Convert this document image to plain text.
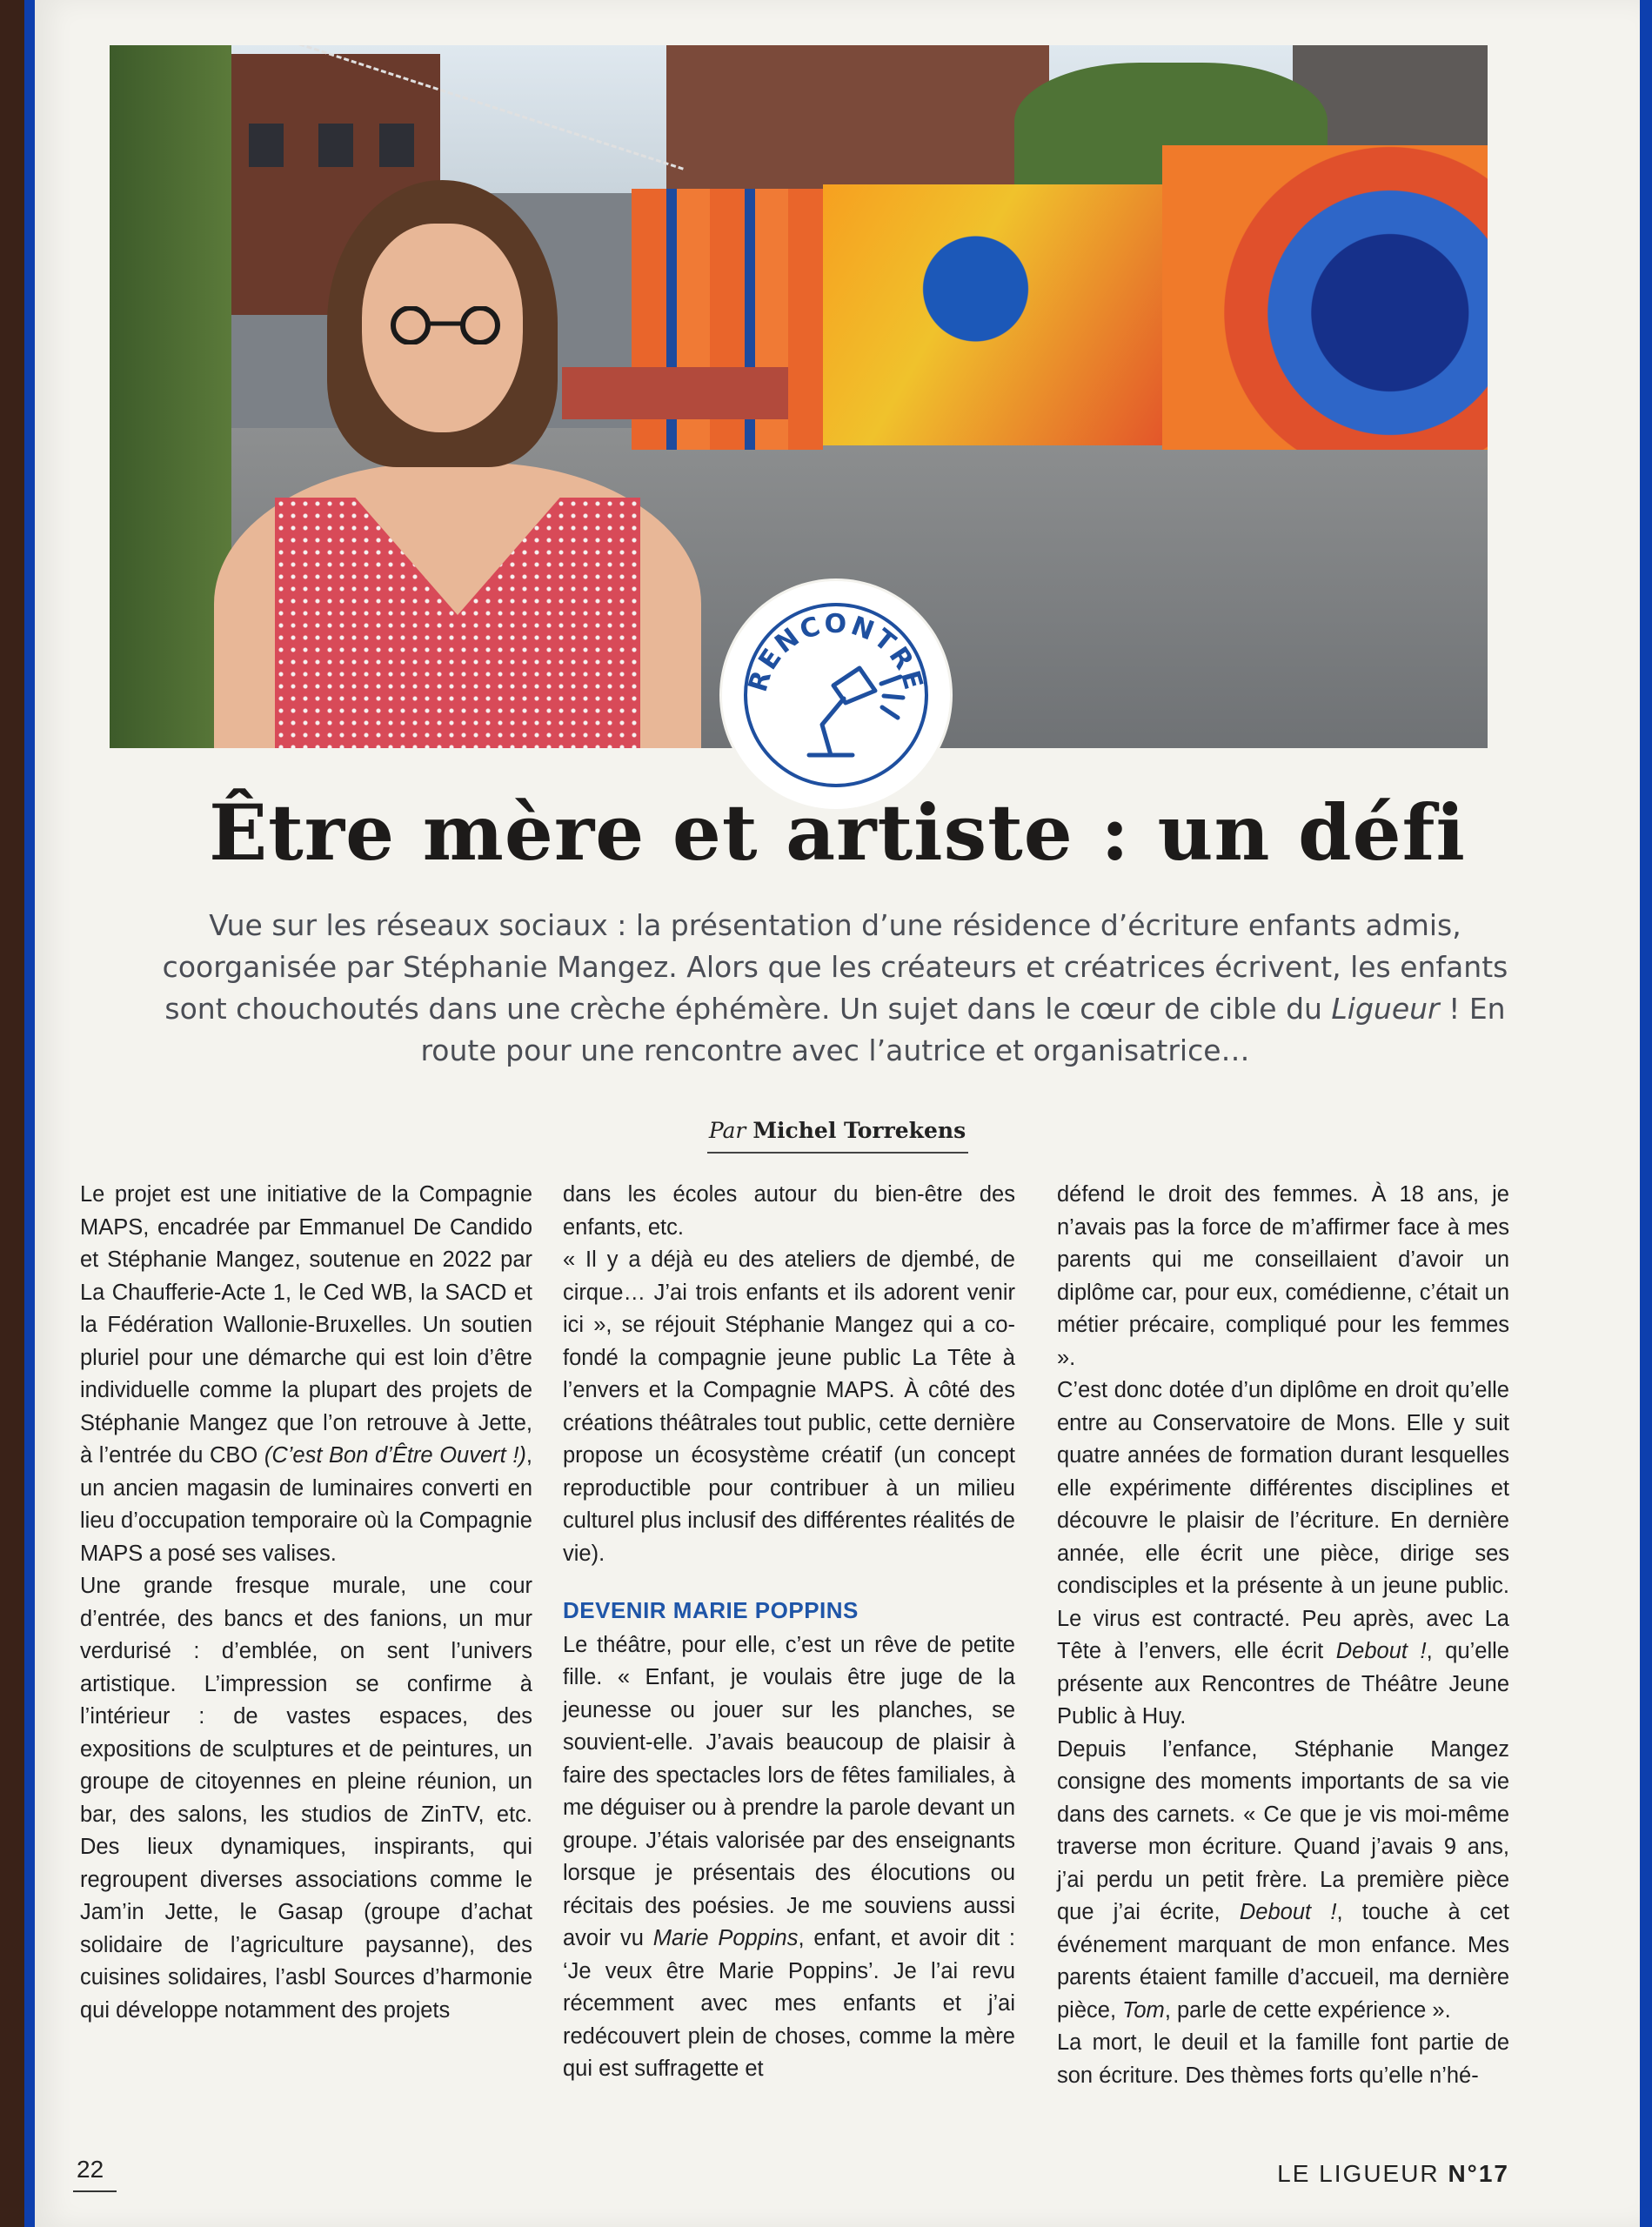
RENCONTRE
Être mère et artiste : un défi

Vue sur les réseaux sociaux : la présentation d’une résidence d’écriture enfants admis, coorganisée par Stéphanie Mangez. Alors que les créateurs et créatrices écrivent, les enfants sont chouchoutés dans une crèche éphémère. Un sujet dans le cœur de cible du Ligueur ! En route pour une rencontre avec l’autrice et organisatrice…

Par Michel Torrekens

Le projet est une initiative de la Compagnie MAPS, encadrée par Emmanuel De Candido et Stéphanie Mangez, soutenue en 2022 par La Chaufferie-Acte 1, le Ced WB, la SACD et la Fédération Wallonie-Bruxelles. Un soutien pluriel pour une démarche qui est loin d’être individuelle comme la plupart des projets de Stéphanie Mangez que l’on retrouve à Jette, à l’entrée du CBO (C’est Bon d’Être Ouvert !), un ancien magasin de luminaires converti en lieu d’occupation temporaire où la Compagnie MAPS a posé ses valises.

Une grande fresque murale, une cour d’entrée, des bancs et des fanions, un mur verdurisé : d’emblée, on sent l’univers artistique. L’impression se confirme à l’intérieur : de vastes espaces, des expositions de sculptures et de peintures, un groupe de citoyennes en pleine réunion, un bar, des salons, les studios de ZinTV, etc. Des lieux dynamiques, inspirants, qui regroupent diverses associations comme le Jam’in Jette, le Gasap (groupe d’achat solidaire de l’agriculture paysanne), des cuisines solidaires, l’asbl Sources d’harmonie qui développe notamment des projets

dans les écoles autour du bien-être des enfants, etc.

« Il y a déjà eu des ateliers de djembé, de cirque… J’ai trois enfants et ils adorent venir ici », se réjouit Stéphanie Mangez qui a co-fondé la compagnie jeune public La Tête à l’envers et la Compagnie MAPS. À côté des créations théâtrales tout public, cette dernière propose un écosystème créatif (un concept reproductible pour contribuer à un milieu culturel plus inclusif des différentes réalités de vie).

DEVENIR MARIE POPPINS

Le théâtre, pour elle, c’est un rêve de petite fille. « Enfant, je voulais être juge de la jeunesse ou jouer sur les planches, se souvient-elle. J’avais beaucoup de plaisir à faire des spectacles lors de fêtes familiales, à me déguiser ou à prendre la parole devant un groupe. J’étais valorisée par des enseignants lorsque je présentais des élocutions ou récitais des poésies. Je me souviens aussi avoir vu Marie Poppins, enfant, et avoir dit : ‘Je veux être Marie Poppins’. Je l’ai revu récemment avec mes enfants et j’ai redécouvert plein de choses, comme la mère qui est suffragette et

défend le droit des femmes. À 18 ans, je n’avais pas la force de m’affirmer face à mes parents qui me conseillaient d’avoir un diplôme car, pour eux, comédienne, c’était un métier précaire, compliqué pour les femmes ».

C’est donc dotée d’un diplôme en droit qu’elle entre au Conservatoire de Mons. Elle y suit quatre années de formation durant lesquelles elle expérimente différentes disciplines et découvre le plaisir de l’écriture. En dernière année, elle écrit une pièce, dirige ses condisciples et la présente à un jeune public. Le virus est contracté. Peu après, avec La Tête à l’envers, elle écrit Debout !, qu’elle présente aux Rencontres de Théâtre Jeune Public à Huy.

Depuis l’enfance, Stéphanie Mangez consigne des moments importants de sa vie dans des carnets. « Ce que je vis moi-même traverse mon écriture. Quand j’avais 9 ans, j’ai perdu un petit frère. La première pièce que j’ai écrite, Debout !, touche à cet événement marquant de mon enfance. Mes parents étaient famille d’accueil, ma dernière pièce, Tom, parle de cette expérience ».

La mort, le deuil et la famille font partie de son écriture. Des thèmes forts qu’elle n’hé-

22	LE LIGUEUR N°17
